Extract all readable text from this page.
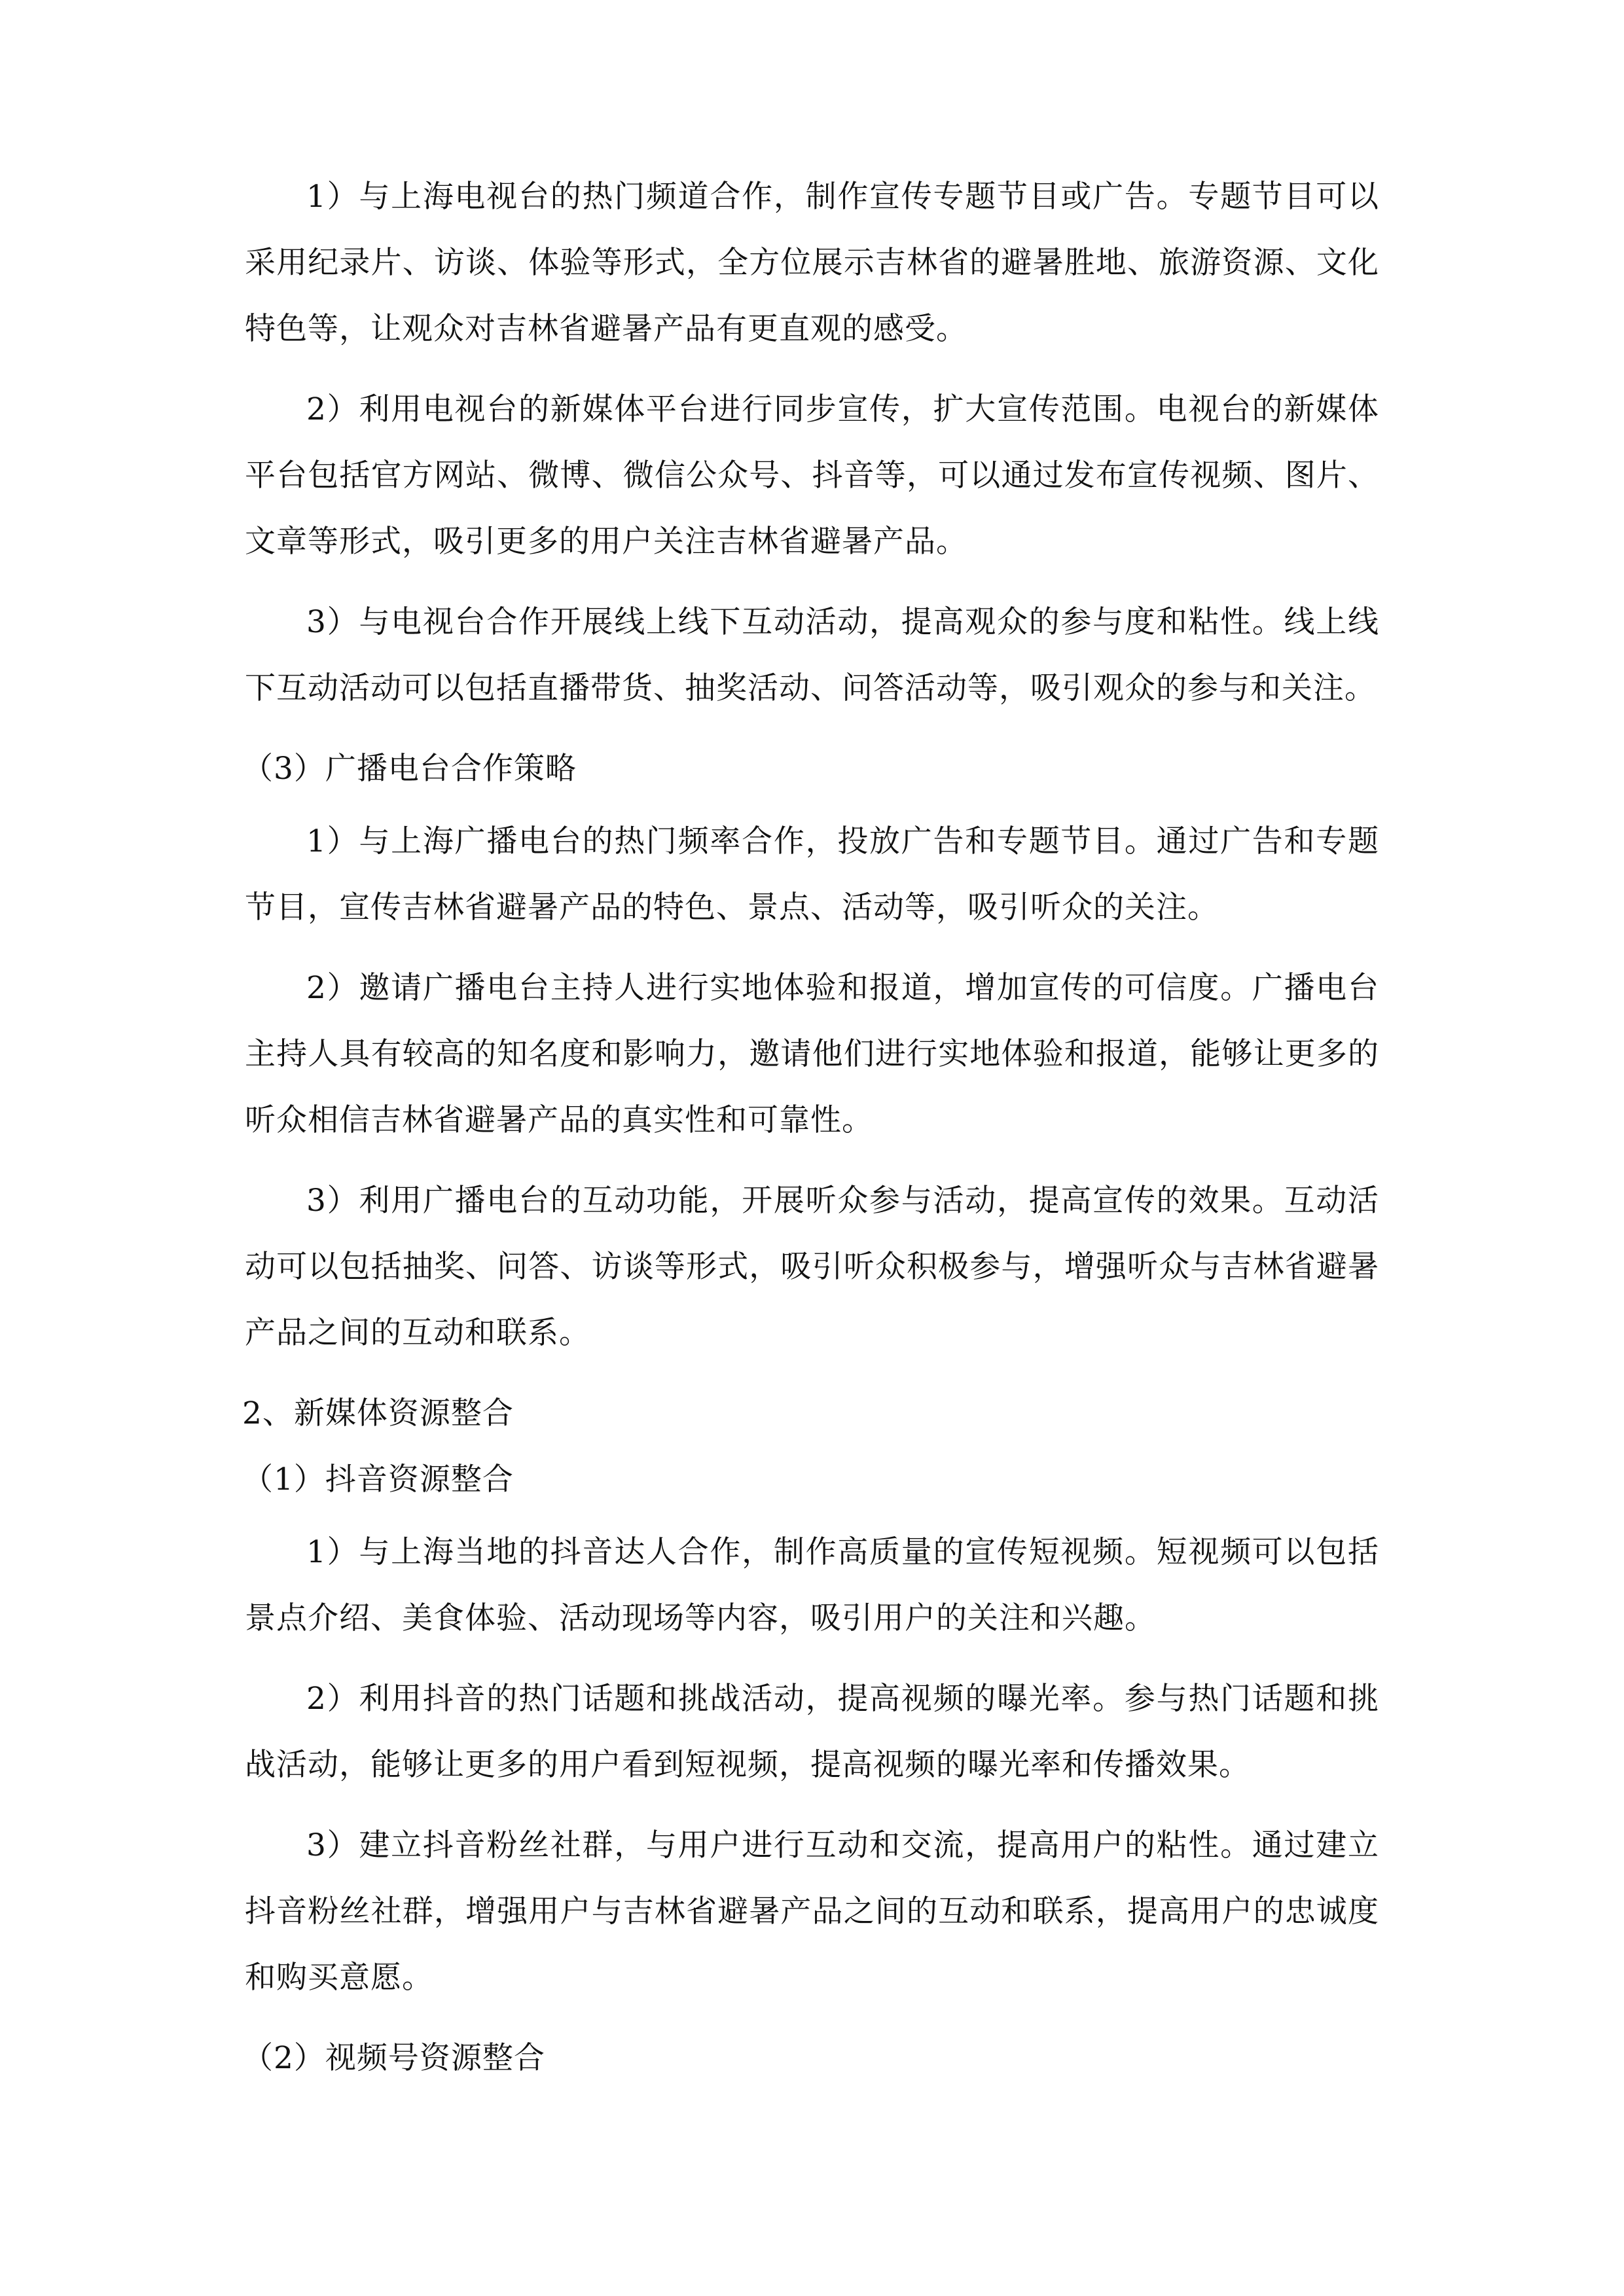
1）与上海电视台的热门频道合作，制作宣传专题节目或广告。专题节目可以采用纪录片、访谈、体验等形式，全方位展示吉林省的避暑胜地、旅游资源、文化特色等，让观众对吉林省避暑产品有更直观的感受。

2）利用电视台的新媒体平台进行同步宣传，扩大宣传范围。电视台的新媒体平台包括官方网站、微博、微信公众号、抖音等，可以通过发布宣传视频、图片、文章等形式，吸引更多的用户关注吉林省避暑产品。

3）与电视台合作开展线上线下互动活动，提高观众的参与度和粘性。线上线下互动活动可以包括直播带货、抽奖活动、问答活动等，吸引观众的参与和关注。

（3）广播电台合作策略

1）与上海广播电台的热门频率合作，投放广告和专题节目。通过广告和专题节目，宣传吉林省避暑产品的特色、景点、活动等，吸引听众的关注。

2）邀请广播电台主持人进行实地体验和报道，增加宣传的可信度。广播电台主持人具有较高的知名度和影响力，邀请他们进行实地体验和报道，能够让更多的听众相信吉林省避暑产品的真实性和可靠性。

3）利用广播电台的互动功能，开展听众参与活动，提高宣传的效果。互动活动可以包括抽奖、问答、访谈等形式，吸引听众积极参与，增强听众与吉林省避暑产品之间的互动和联系。

2、新媒体资源整合

（1）抖音资源整合

1）与上海当地的抖音达人合作，制作高质量的宣传短视频。短视频可以包括景点介绍、美食体验、活动现场等内容，吸引用户的关注和兴趣。

2）利用抖音的热门话题和挑战活动，提高视频的曝光率。参与热门话题和挑战活动，能够让更多的用户看到短视频，提高视频的曝光率和传播效果。

3）建立抖音粉丝社群，与用户进行互动和交流，提高用户的粘性。通过建立抖音粉丝社群，增强用户与吉林省避暑产品之间的互动和联系，提高用户的忠诚度和购买意愿。

（2）视频号资源整合
